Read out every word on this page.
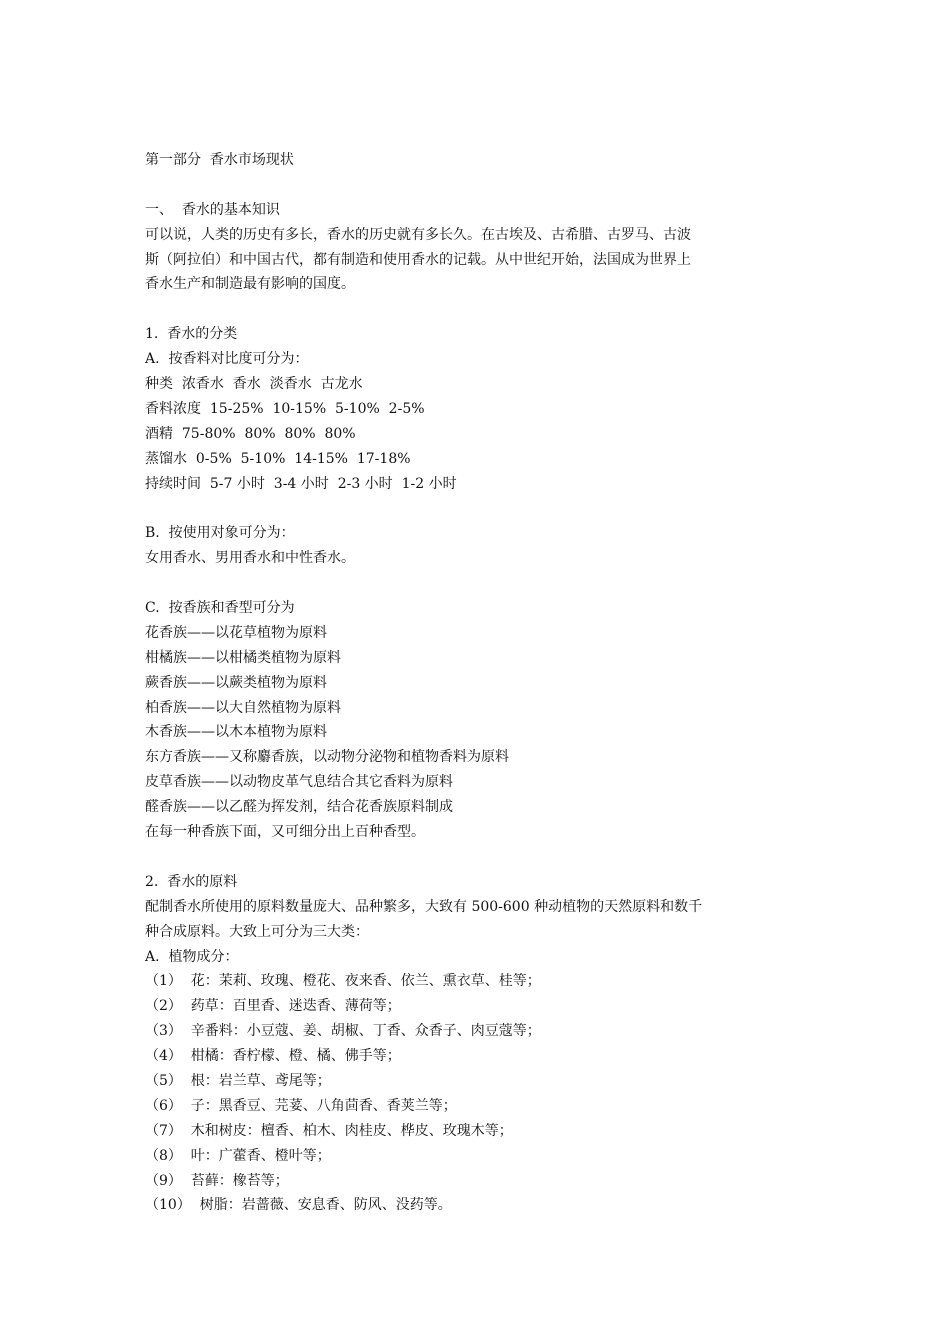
第一部分  香水市场现状
一、  香水的基本知识
可以说，人类的历史有多长，香水的历史就有多长久。在古埃及、古希腊、古罗马、古波
斯（阿拉伯）和中国古代，都有制造和使用香水的记载。从中世纪开始，法国成为世界上
香水生产和制造最有影响的国度。
1.  香水的分类
A.  按香料对比度可分为：
种类  浓香水  香水  淡香水  古龙水
香料浓度  15-25%  10-15%  5-10%  2-5%
酒精  75-80%  80%  80%  80%
蒸馏水  0-5%  5-10%  14-15%  17-18%
持续时间  5-7 小时  3-4 小时  2-3 小时  1-2 小时
B.  按使用对象可分为：
女用香水、男用香水和中性香水。
C.  按香族和香型可分为
花香族——以花草植物为原料
柑橘族——以柑橘类植物为原料
蕨香族——以蕨类植物为原料
柏香族——以大自然植物为原料
木香族——以木本植物为原料
东方香族——又称麝香族，以动物分泌物和植物香料为原料
皮草香族——以动物皮革气息结合其它香料为原料
醛香族——以乙醛为挥发剂，结合花香族原料制成
在每一种香族下面，又可细分出上百种香型。
2.  香水的原料
配制香水所使用的原料数量庞大、品种繁多，大致有 500-600 种动植物的天然原料和数千
种合成原料。大致上可分为三大类：
A.  植物成分：
（1）  花：茉莉、玫瑰、橙花、夜来香、依兰、熏衣草、桂等；
（2）  药草：百里香、迷迭香、薄荷等；
（3）  辛番料：小豆蔻、姜、胡椒、丁香、众香子、肉豆蔻等；
（4）  柑橘：香柠檬、橙、橘、佛手等；
（5）  根：岩兰草、鸢尾等；
（6）  子：黑香豆、芫荽、八角茴香、香荚兰等；
（7）  木和树皮：檀香、柏木、肉桂皮、桦皮、玫瑰木等；
（8）  叶：广藿香、橙叶等；
（9）  苔藓：橡苔等；
（10）  树脂：岩蔷薇、安息香、防风、没药等。
